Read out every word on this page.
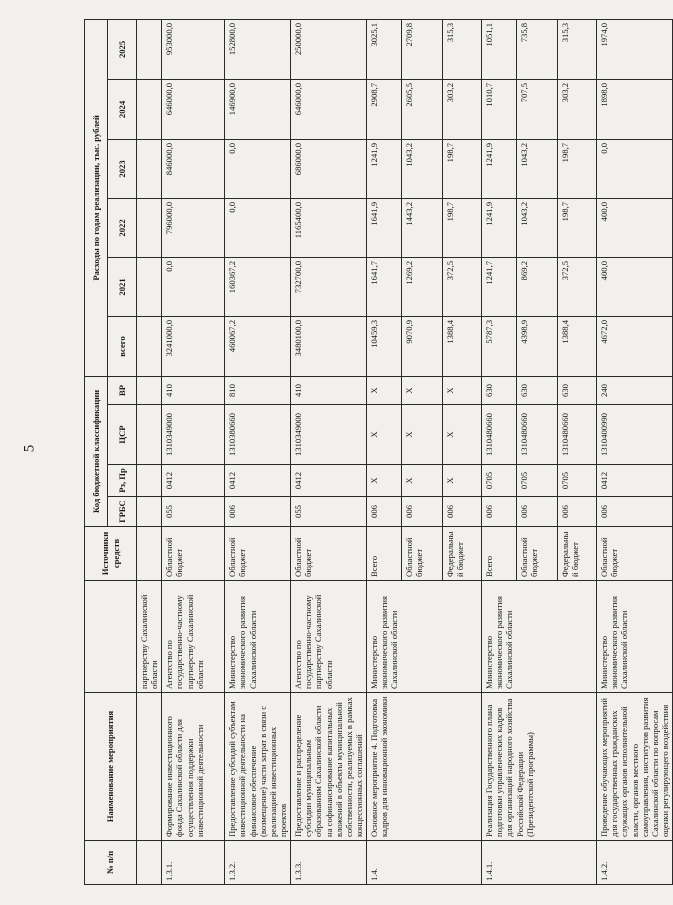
5
№ п/п	Наименование мероприятия		Источники средств	Код бюджетной классификации				Расходы по годам реализации, тыс. рублей					
				ГРБС	Рз, Пр	ЦСР	ВР	всего	2021	2022	2023	2024	2025
		партнерству Сахалинской области											
1.3.1.	Формирование инвестиционного фонда Сахалинской области для осуществления поддержки инвестиционной деятельности	Агентство по государственно-частному партнерству Сахалинской области	Областной бюджет	055	0412	1310349000	410	3241000,0	0,0	796000,0	846000,0	646000,0	953000,0
1.3.2.	Предоставление субсидий субъектам инвестиционной деятельности на финансовое обеспечение (возмещение) части затрат в связи с реализацией инвестиционных проектов	Министерство экономического развития Сахалинской области	Областной бюджет	006	0412	1310380660	810	460067,2	160367,2	0,0	0,0	146900,0	152800,0
1.3.3.	Предоставление и распределение субсидии муниципальным образованиям Сахалинской области на софинансирование капитальных вложений в объекты муниципальной собственности, реализуемых в рамках концессионных соглашений	Агентство по государственно-частному партнерству Сахалинской области	Областной бюджет	055	0412	1310349000	410	3480100,0	732700,0	1165400,0	686000,0	646000,0	250000,0
1.4.	Основное мероприятие 4. Подготовка кадров для инновационной экономики	Министерство экономического развития Сахалинской области	Всего	006	X	X	X	10459,3	1641,7	1641,9	1241,9	2908,7	3025,1
			Областной бюджет	006	X	X	X	9070,9	1269,2	1443,2	1043,2	2605,5	2709,8
			Федеральный бюджет	006	X	X	X	1388,4	372,5	198,7	198,7	303,2	315,3
1.4.1.	Реализация Государственного плана подготовки управленческих кадров для организаций народного хозяйства Российской Федерации (Президентской программы)	Министерство экономического развития Сахалинской области	Всего	006	0705	1310480660	630	5787,3	1241,7	1241,9	1241,9	1010,7	1051,1
			Областной бюджет	006	0705	1310480660	630	4398,9	869,2	1043,2	1043,2	707,5	735,8
			Федеральный бюджет	006	0705	1310480660	630	1388,4	372,5	198,7	198,7	303,2	315,3
1.4.2.	Проведение обучающих мероприятий для государственных гражданских служащих органов исполнительной власти, органов местного самоуправления, институтов развития Сахалинской области по вопросам оценки регулирующего воздействия	Министерство экономического развития Сахалинской области	Областной бюджет	006	0412	1310400990	240	4672,0	400,0	400,0	0,0	1898,0	1974,0
